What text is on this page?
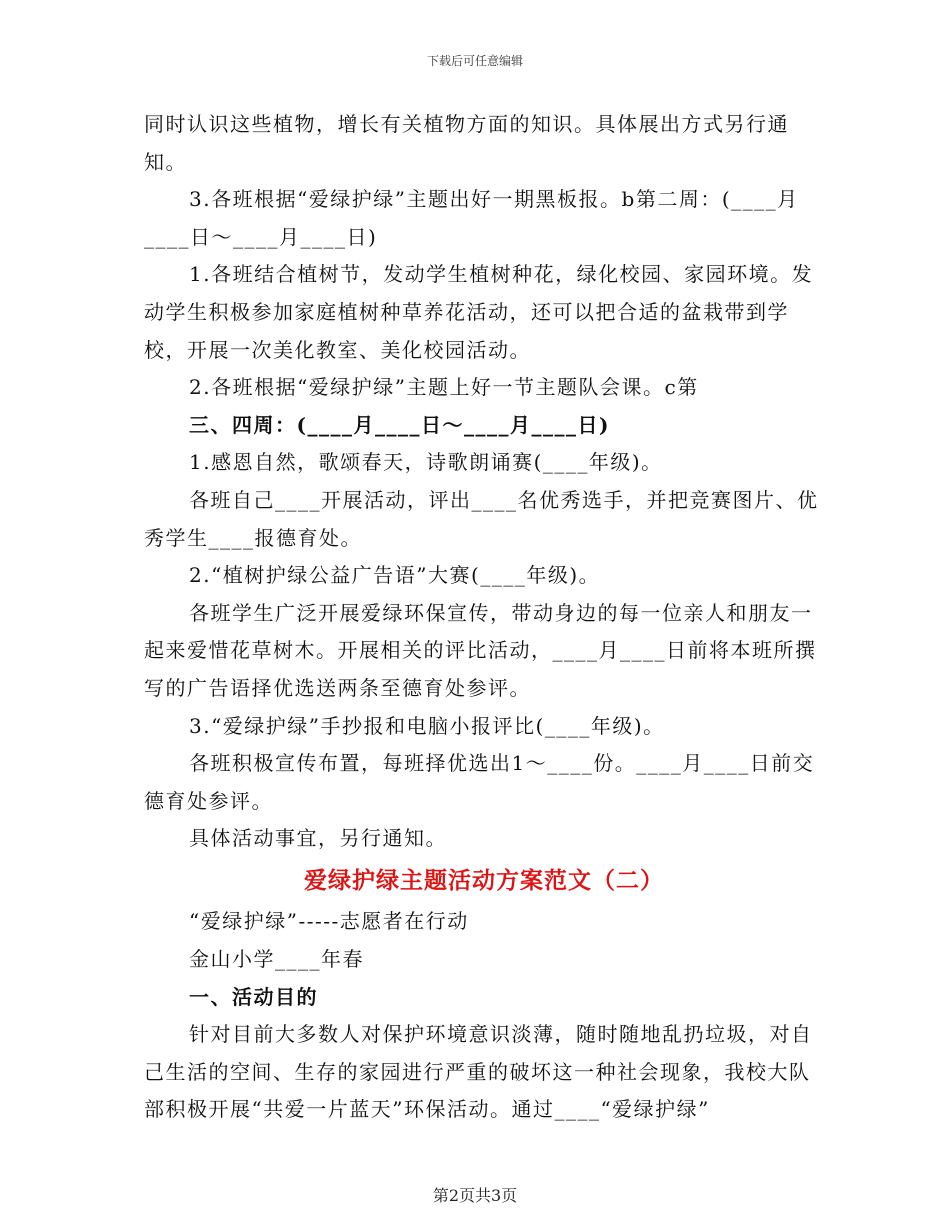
下载后可任意编辑

同时认识这些植物，增长有关植物方面的知识。具体展出方式另行通知。

3.各班根据“爱绿护绿”主题出好一期黑板报。b第二周：(____月____日～____月____日)

1.各班结合植树节，发动学生植树种花，绿化校园、家园环境。发动学生积极参加家庭植树种草养花活动，还可以把合适的盆栽带到学校，开展一次美化教室、美化校园活动。

2.各班根据“爱绿护绿”主题上好一节主题队会课。c第

三、四周：(____月____日～____月____日)

1.感恩自然，歌颂春天，诗歌朗诵赛(____年级)。

各班自己____开展活动，评出____名优秀选手，并把竞赛图片、优秀学生____报德育处。

2.“植树护绿公益广告语”大赛(____年级)。

各班学生广泛开展爱绿环保宣传，带动身边的每一位亲人和朋友一起来爱惜花草树木。开展相关的评比活动，____月____日前将本班所撰写的广告语择优选送两条至德育处参评。

3.“爱绿护绿”手抄报和电脑小报评比(____年级)。

各班积极宣传布置，每班择优选出1～____份。____月____日前交德育处参评。

具体活动事宜，另行通知。

爱绿护绿主题活动方案范文（二）

“爱绿护绿”-----志愿者在行动

金山小学____年春

一、活动目的

针对目前大多数人对保护环境意识淡薄，随时随地乱扔垃圾，对自己生活的空间、生存的家园进行严重的破坏这一种社会现象，我校大队部积极开展“共爱一片蓝天”环保活动。通过____“爱绿护绿”

第2页共3页
